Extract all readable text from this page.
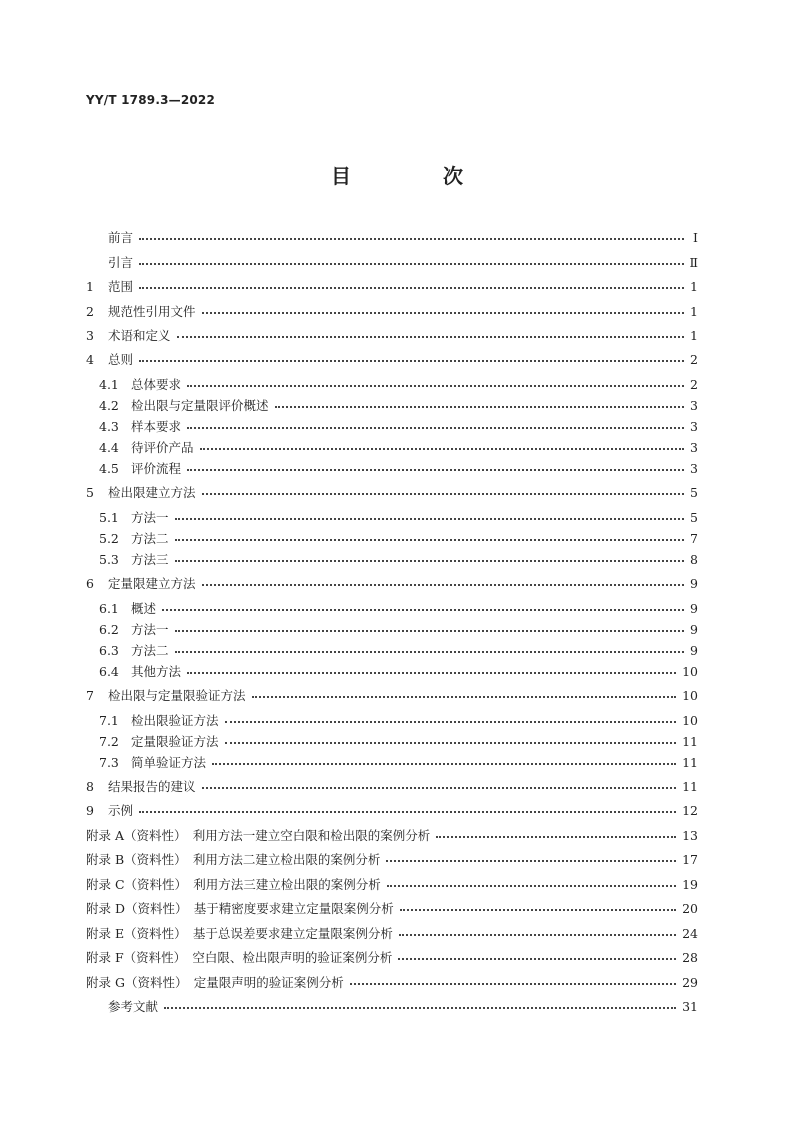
YY/T 1789.3—2022
目　次
前言	Ⅰ
引言	Ⅱ
1	范围	1
2	规范性引用文件	1
3	术语和定义	1
4	总则	2
4.1 总体要求	2
4.2 检出限与定量限评价概述	3
4.3 样本要求	3
4.4 待评价产品	3
4.5 评价流程	3
5	检出限建立方法	5
5.1 方法一	5
5.2 方法二	7
5.3 方法三	8
6	定量限建立方法	9
6.1 概述	9
6.2 方法一	9
6.3 方法二	9
6.4 其他方法	10
7	检出限与定量限验证方法	10
7.1 检出限验证方法	10
7.2 定量限验证方法	11
7.3 简单验证方法	11
8	结果报告的建议	11
9	示例	12
附录 A（资料性）　利用方法一建立空白限和检出限的案例分析	13
附录 B（资料性）　利用方法二建立检出限的案例分析	17
附录 C（资料性）　利用方法三建立检出限的案例分析	19
附录 D（资料性）　基于精密度要求建立定量限案例分析	20
附录 E（资料性）　基于总误差要求建立定量限案例分析	24
附录 F（资料性）　空白限、检出限声明的验证案例分析	28
附录 G（资料性）　定量限声明的验证案例分析	29
参考文献	31
